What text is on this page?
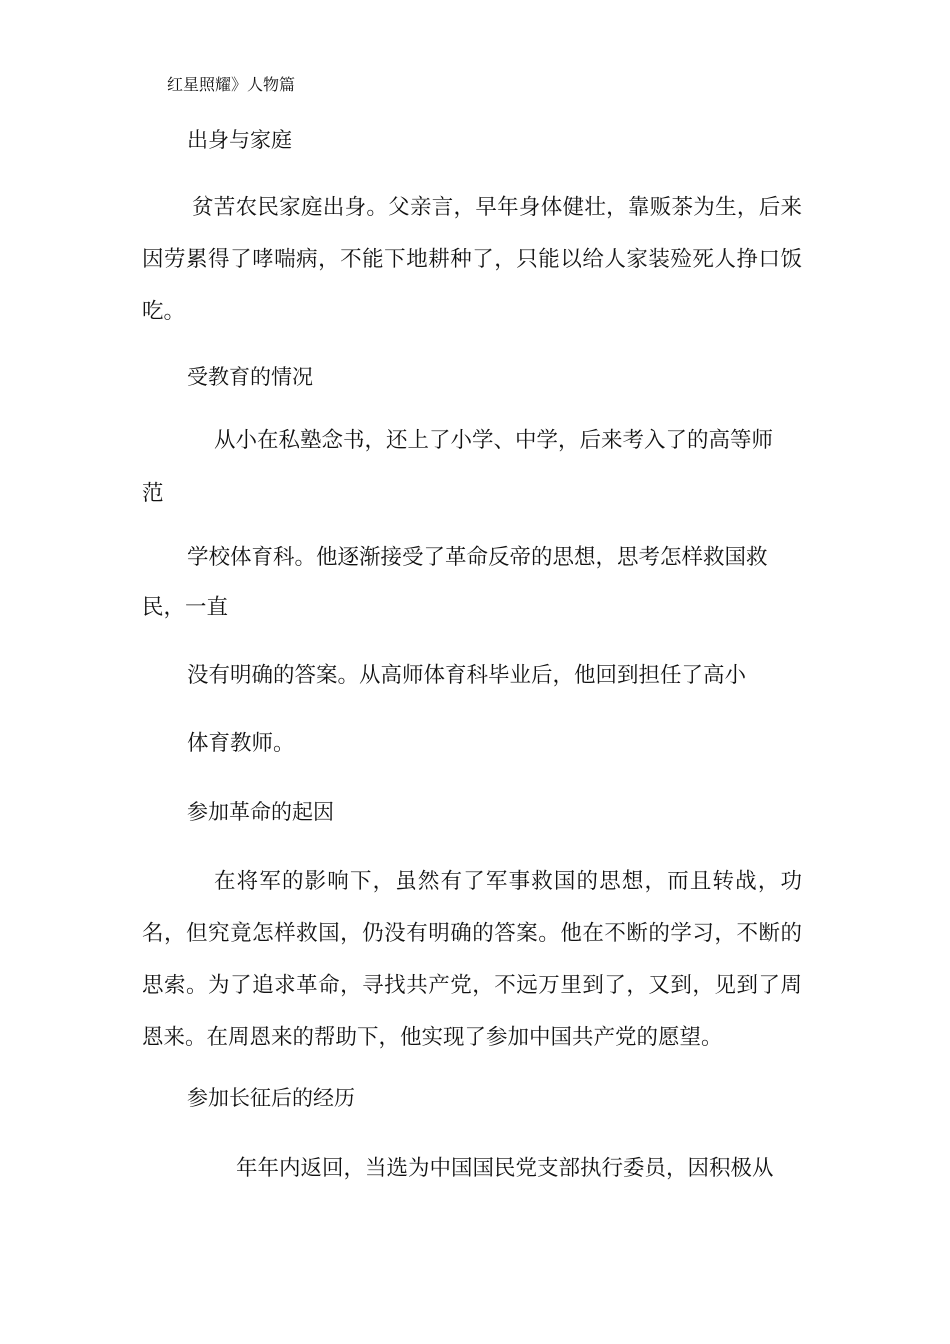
红星照耀》人物篇
出身与家庭
贫苦农民家庭出身。父亲言，早年身体健壮，靠贩茶为生，后来因劳累得了哮喘病，不能下地耕种了，只能以给人家装殓死人挣口饭吃。
受教育的情况
从小在私塾念书，还上了小学、中学，后来考入了的高等师
范
学校体育科。他逐渐接受了革命反帝的思想，思考怎样救国救
民，一直
没有明确的答案。从高师体育科毕业后，他回到担任了高小
体育教师。
参加革命的起因
在将军的影响下，虽然有了军事救国的思想，而且转战，功名，但究竟怎样救国，仍没有明确的答案。他在不断的学习，不断的思索。为了追求革命，寻找共产党，不远万里到了，又到，见到了周恩来。在周恩来的帮助下，他实现了参加中国共产党的愿望。
参加长征后的经历
年年内返回，当选为中国国民党支部执行委员，因积极从
